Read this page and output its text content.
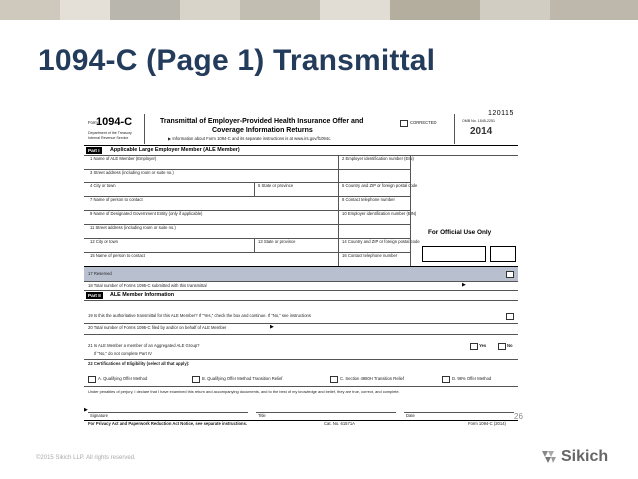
1094-C (Page 1) Transmittal
Form
1094-C
Department of the Treasury
Internal Revenue Service
Transmittal of Employer-Provided Health Insurance Offer and
Coverage Information Returns
▶ Information about Form 1094-C and its separate instructions is at www.irs.gov/f1094c.
CORRECTED
120115
OMB No. 1545-2251
2014
Part I	Applicable Large Employer Member (ALE Member)
1 Name of ALE Member (Employer)	2 Employer identification number (EIN)
3 Street address (including room or suite no.)
4 City or town	5 State or province	6 Country and ZIP or foreign postal code
7 Name of person to contact	8 Contact telephone number
9 Name of Designated Government Entity (only if applicable)	10 Employer identification number (EIN)
11 Street address (including room or suite no.)
12 City or town	13 State or province	14 Country and ZIP or foreign postal code
15 Name of person to contact	16 Contact telephone number
For Official Use Only
17 Reserved
18 Total number of Forms 1095-C submitted with this transmittal	▶
Part II	ALE Member Information
19 Is this the authoritative transmittal for this ALE Member? If "Yes," check the box and continue. If "No," see instructions
20 Total number of Forms 1095-C filed by and/or on behalf of ALE Member	▶
21 Is ALE Member a member of an Aggregated ALE Group?	Yes	No
If "No," do not complete Part IV
22 Certifications of Eligibility (select all that apply):
A. Qualifying Offer Method	B. Qualifying Offer Method Transition Relief	C. Section 4980H Transition Relief	D. 98% Offer Method
Under penalties of perjury, I declare that I have examined this return and accompanying documents, and to the best of my knowledge and belief, they are true, correct, and complete.
▶
Signature	Title	Date
For Privacy Act and Paperwork Reduction Act Notice, see separate instructions.	Cat. No. 61571A	Form 1094-C (2014)
26
©2015 Sikich LLP. All rights reserved.	Sikich
